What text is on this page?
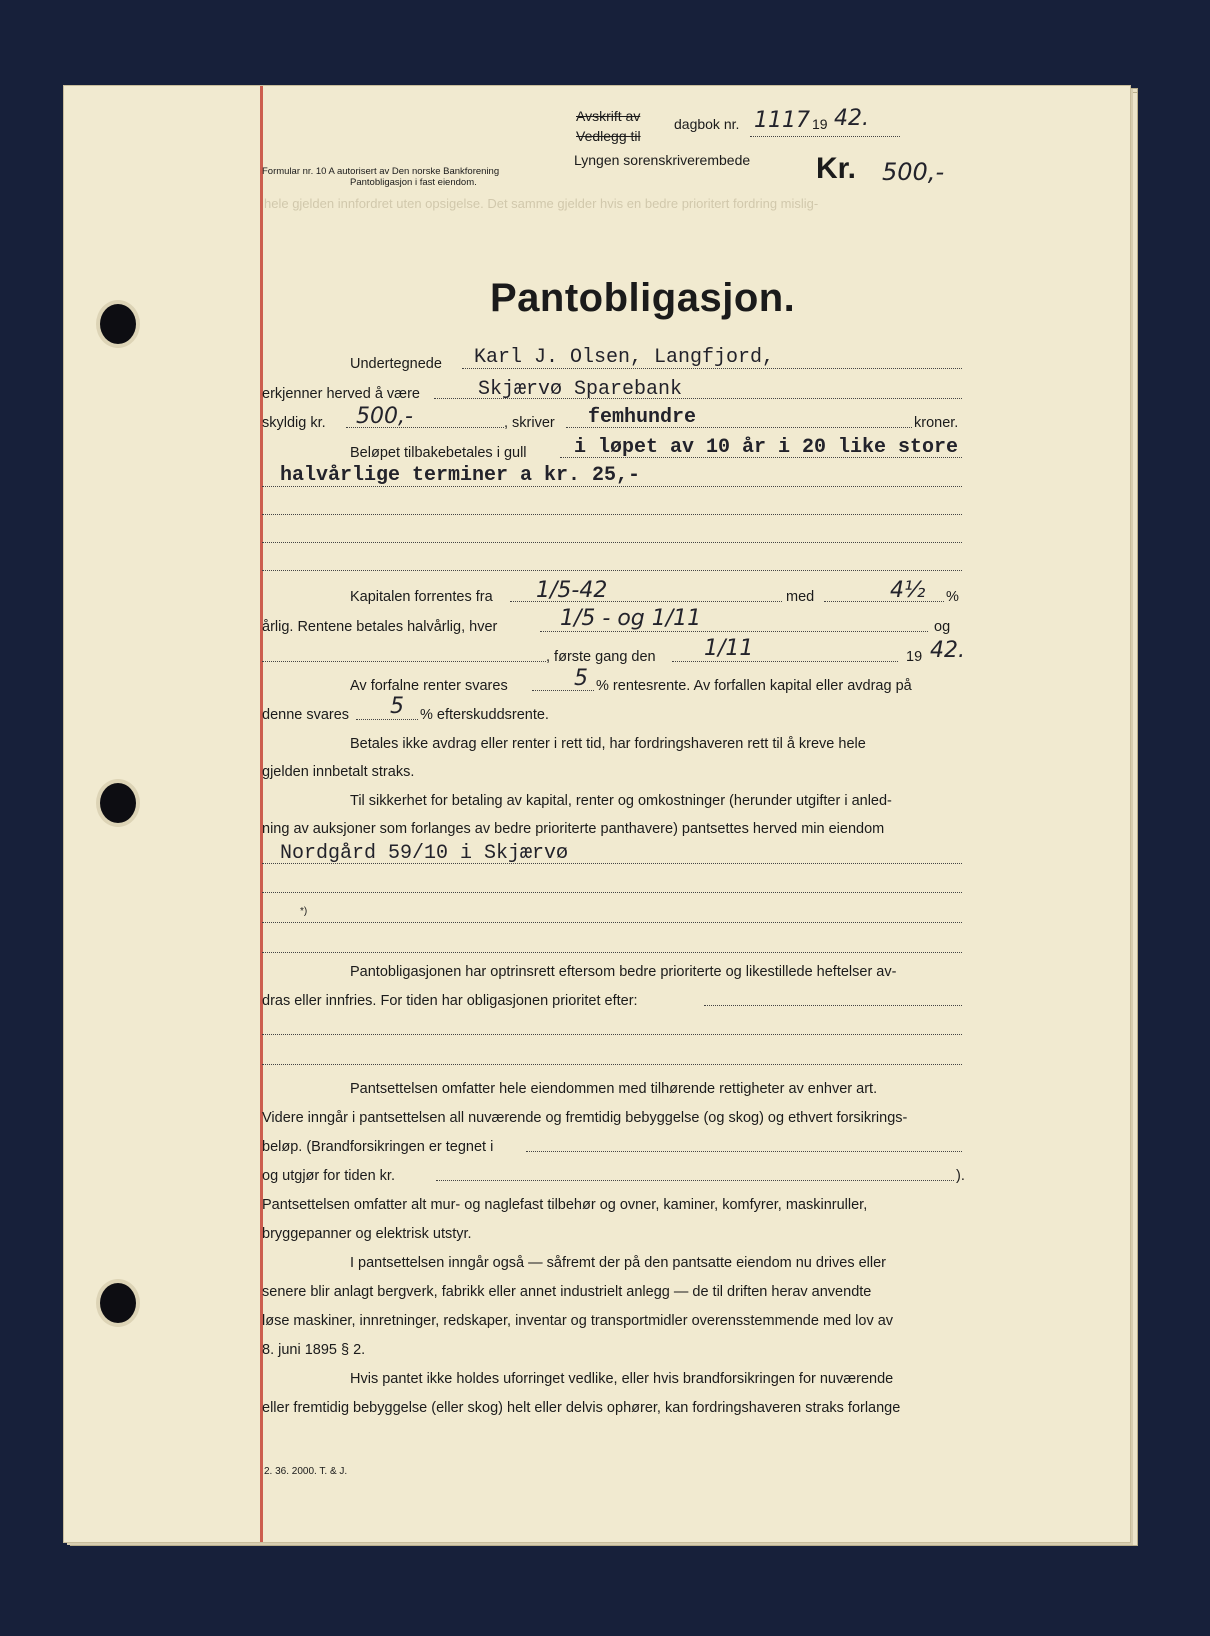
Avskrift av
Vedlegg til
dagbok nr. 1117 19 42.
Lyngen sorenskriverembede Kr. 500,-
Formular nr. 10 A autorisert av Den norske Bankforening
Pantobligasjon i fast eiendom.
hele gjelden innfordret uten opsigelse. Det samme gjelder hvis en bedre prioritert fordring mislig-
Pantobligasjon.
Undertegnede Karl J. Olsen, Langfjord,
erkjenner herved å være	Skjærvø Sparebank
skyldig kr. 500,-	, skriver femhundre	kroner.
Beløpet tilbakebetales i gull i løpet av 10 år i 20 like store
halvårlige terminer a kr. 25,-
Kapitalen forrentes fra 1/5-42	med	4½ %
årlig. Rentene betales halvårlig, hver	1/5 - og 1/11	og
, første gang den 1/11	19 42.
Av forfalne renter svares	5 % rentesrente. Av forfallen kapital eller avdrag på
denne svares 5 % efterskuddsrente.
Betales ikke avdrag eller renter i rett tid, har fordringshaveren rett til å kreve hele
gjelden innbetalt straks.
Til sikkerhet for betaling av kapital, renter og omkostninger (herunder utgifter i anled-
ning av auksjoner som forlanges av bedre prioriterte panthavere) pantsettes herved min eiendom
Nordgård 59/10 i Skjærvø
*)
Pantobligasjonen har optrinsrett eftersom bedre prioriterte og likestillede heftelser av-
dras eller innfries. For tiden har obligasjonen prioritet efter:
Pantsettelsen omfatter hele eiendommen med tilhørende rettigheter av enhver art.
Videre inngår i pantsettelsen all nuværende og fremtidig bebyggelse (og skog) og ethvert forsikrings-
beløp. (Brandforsikringen er tegnet i
og utgjør for tiden kr.	).
Pantsettelsen omfatter alt mur- og naglefast tilbehør og ovner, kaminer, komfyrer, maskinruller,
bryggepanner og elektrisk utstyr.
I pantsettelsen inngår også — såfremt der på den pantsatte eiendom nu drives eller
senere blir anlagt bergverk, fabrikk eller annet industrielt anlegg — de til driften herav anvendte
løse maskiner, innretninger, redskaper, inventar og transportmidler overensstemmende med lov av
8. juni 1895 § 2.
Hvis pantet ikke holdes uforringet vedlike, eller hvis brandforsikringen for nuværende
eller fremtidig bebyggelse (eller skog) helt eller delvis ophører, kan fordringshaveren straks forlange
2. 36. 2000. T. & J.
